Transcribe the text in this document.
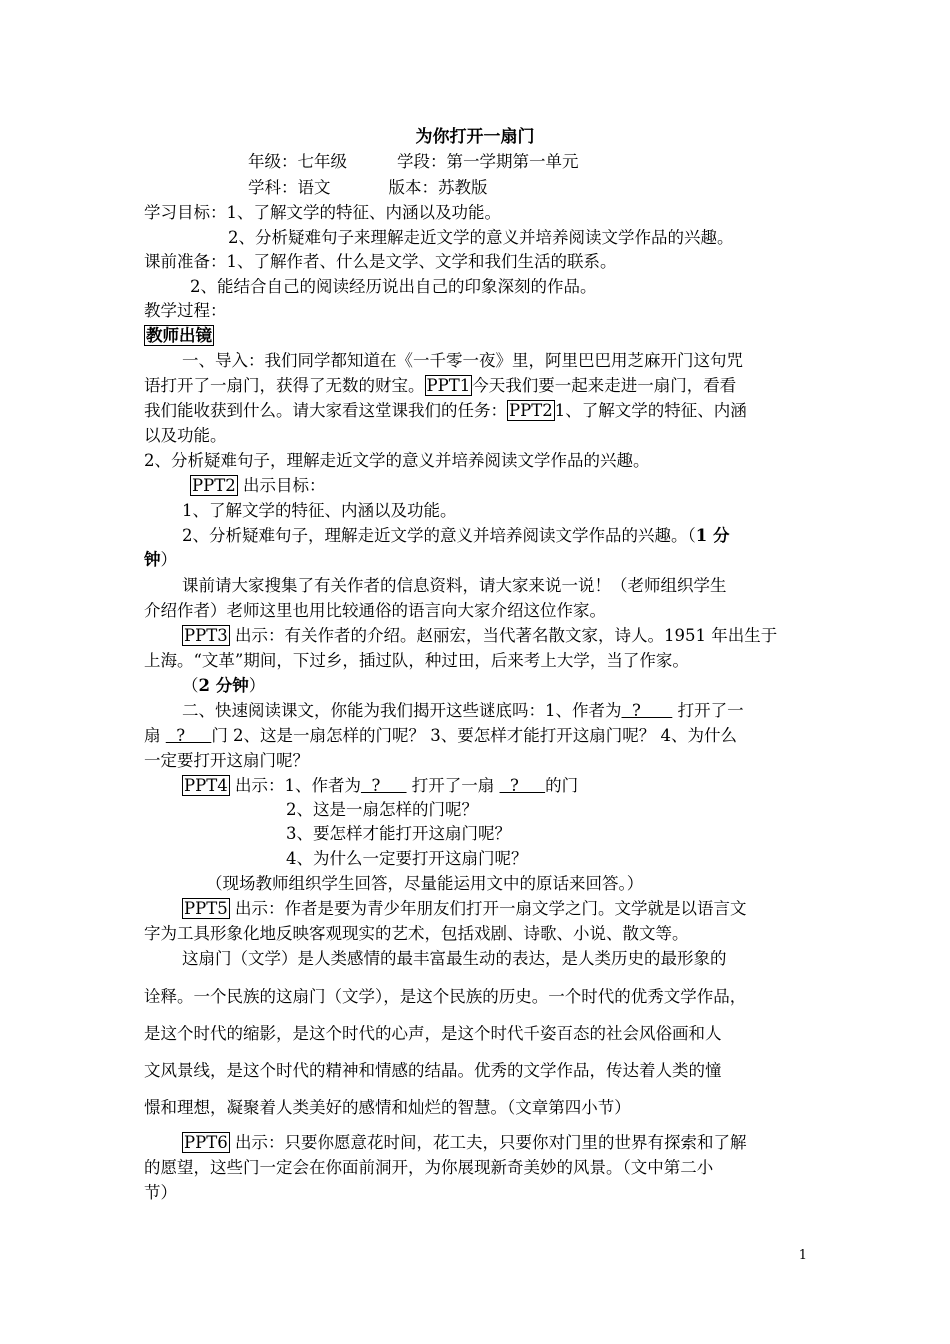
为你打开一扇门
年级：七年级	学段：第一学期第一单元
学科：语文	版本：苏教版
学习目标：1、了解文学的特征、内涵以及功能。
2、分析疑难句子来理解走近文学的意义并培养阅读文学作品的兴趣。
课前准备：1、了解作者、什么是文学、文学和我们生活的联系。
2、能结合自己的阅读经历说出自己的印象深刻的作品。
教学过程：
教师出镜
一、导入：我们同学都知道在《一千零一夜》里，阿里巴巴用芝麻开门这句咒
语打开了一扇门，获得了无数的财宝。 PPT1 今天我们要一起来走进一扇门，看看
我们能收获到什么。请大家看这堂课我们的任务： PPT2 1、了解文学的特征、内涵
以及功能。
2、分析疑难句子，理解走近文学的意义并培养阅读文学作品的兴趣。
PPT2 出示目标：
1、了解文学的特征、内涵以及功能。
2、分析疑难句子，理解走近文学的意义并培养阅读文学作品的兴趣。（1 分
钟）
课前请大家搜集了有关作者的信息资料，请大家来说一说！（老师组织学生
介绍作者）老师这里也用比较通俗的语言向大家介绍这位作家。
PPT3 出示：有关作者的介绍。赵丽宏，当代著名散文家，诗人。1951 年出生于
上海。“文革”期间，下过乡，插过队，种过田，后来考上大学，当了作家。
（2 分钟）
二、快速阅读课文，你能为我们揭开这些谜底吗：1、作者为  ?       打开了一
扇   ?     门 2、这是一扇怎样的门呢？ 3、要怎样才能打开这扇门呢？ 4、为什么
一定要打开这扇门呢？
PPT4 出示：1、作者为  ?      打开了一扇   ?     的门
2、这是一扇怎样的门呢？
3、要怎样才能打开这扇门呢？
4、为什么一定要打开这扇门呢？
（现场教师组织学生回答，尽量能运用文中的原话来回答。）
PPT5 出示：作者是要为青少年朋友们打开一扇文学之门。文学就是以语言文
字为工具形象化地反映客观现实的艺术，包括戏剧、诗歌、小说、散文等。
这扇门（文学）是人类感情的最丰富最生动的表达，是人类历史的最形象的
诠释。一个民族的这扇门（文学），是这个民族的历史。一个时代的优秀文学作品，
是这个时代的缩影，是这个时代的心声，是这个时代千姿百态的社会风俗画和人
文风景线，是这个时代的精神和情感的结晶。优秀的文学作品，传达着人类的憧
憬和理想，凝聚着人类美好的感情和灿烂的智慧。（文章第四小节）
PPT6 出示：只要你愿意花时间，花工夫，只要你对门里的世界有探索和了解
的愿望，这些门一定会在你面前洞开，为你展现新奇美妙的风景。（文中第二小
节）
1
